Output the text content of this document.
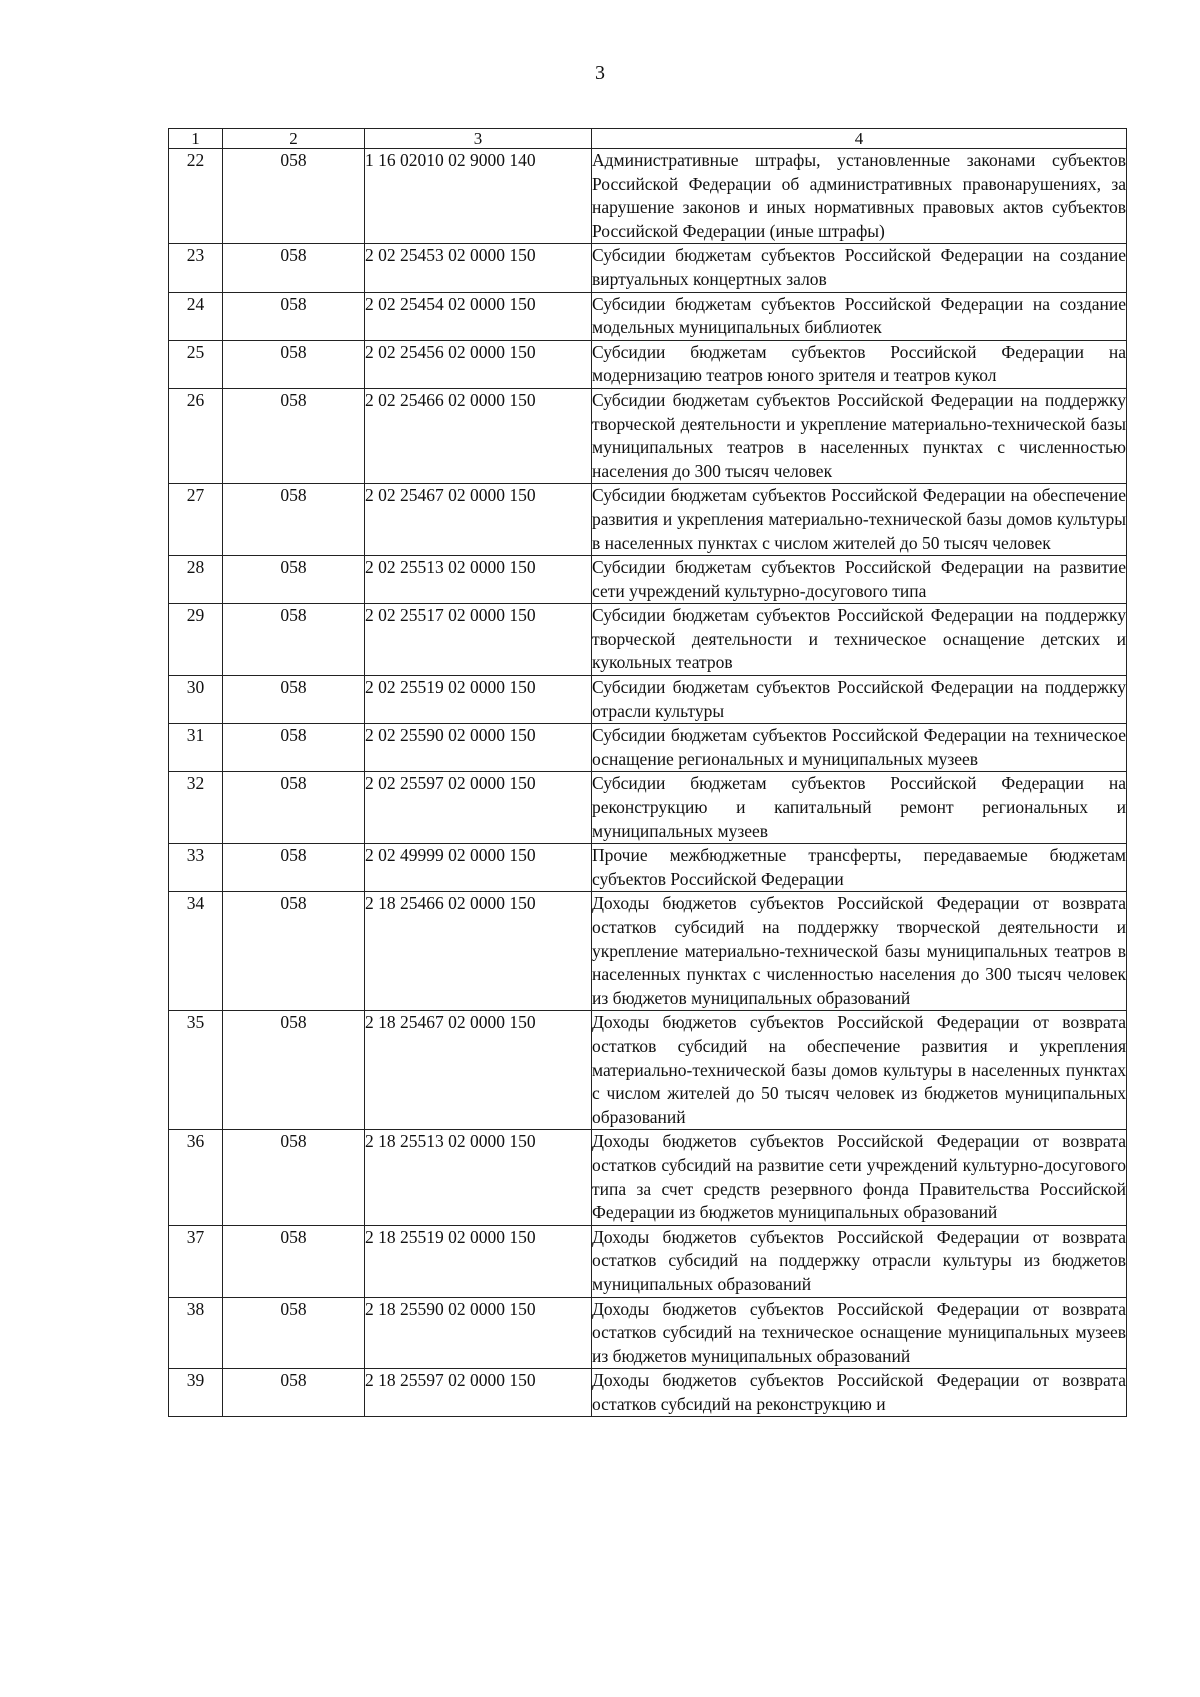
3
1	2	3	4
22	058	1 16 02010 02 9000 140	Административные штрафы, установленные законами субъектов Российской Федерации об административных правонарушениях, за нарушение законов и иных нормативных правовых актов субъектов Российской Федерации (иные штрафы)
23	058	2 02 25453 02 0000 150	Субсидии бюджетам субъектов Российской Федерации на создание виртуальных концертных залов
24	058	2 02 25454 02 0000 150	Субсидии бюджетам субъектов Российской Федерации на создание модельных муниципальных библиотек
25	058	2 02 25456 02 0000 150	Субсидии бюджетам субъектов Российской Федерации на модернизацию театров юного зрителя и театров кукол
26	058	2 02 25466 02 0000 150	Субсидии бюджетам субъектов Российской Федерации на поддержку творческой деятельности и укрепление материально-технической базы муниципальных театров в населенных пунктах с численностью населения до 300 тысяч человек
27	058	2 02 25467 02 0000 150	Субсидии бюджетам субъектов Российской Федерации на обеспечение развития и укрепления материально-технической базы домов культуры в населенных пунктах с числом жителей до 50 тысяч человек
28	058	2 02 25513 02 0000 150	Субсидии бюджетам субъектов Российской Федерации на развитие сети учреждений культурно-досугового типа
29	058	2 02 25517 02 0000 150	Субсидии бюджетам субъектов Российской Федерации на поддержку творческой деятельности и техническое оснащение детских и кукольных театров
30	058	2 02 25519 02 0000 150	Субсидии бюджетам субъектов Российской Федерации на поддержку отрасли культуры
31	058	2 02 25590 02 0000 150	Субсидии бюджетам субъектов Российской Федерации на техническое оснащение региональных и муниципальных музеев
32	058	2 02 25597 02 0000 150	Субсидии бюджетам субъектов Российской Федерации на реконструкцию и капитальный ремонт региональных и муниципальных музеев
33	058	2 02 49999 02 0000 150	Прочие межбюджетные трансферты, передаваемые бюджетам субъектов Российской Федерации
34	058	2 18 25466 02 0000 150	Доходы бюджетов субъектов Российской Федерации от возврата остатков субсидий на поддержку творческой деятельности и укрепление материально-технической базы муниципальных театров в населенных пунктах с численностью населения до 300 тысяч человек из бюджетов муниципальных образований
35	058	2 18 25467 02 0000 150	Доходы бюджетов субъектов Российской Федерации от возврата остатков субсидий на обеспечение развития и укрепления материально-технической базы домов культуры в населенных пунктах с числом жителей до 50 тысяч человек из бюджетов муниципальных образований
36	058	2 18 25513 02 0000 150	Доходы бюджетов субъектов Российской Федерации от возврата остатков субсидий на развитие сети учреждений культурно-досугового типа за счет средств резервного фонда Правительства Российской Федерации из бюджетов муниципальных образований
37	058	2 18 25519 02 0000 150	Доходы бюджетов субъектов Российской Федерации от возврата остатков субсидий на поддержку отрасли культуры из бюджетов муниципальных образований
38	058	2 18 25590 02 0000 150	Доходы бюджетов субъектов Российской Федерации от возврата остатков субсидий на техническое оснащение муниципальных музеев из бюджетов муниципальных образований
39	058	2 18 25597 02 0000 150	Доходы бюджетов субъектов Российской Федерации от возврата остатков субсидий на реконструкцию и
